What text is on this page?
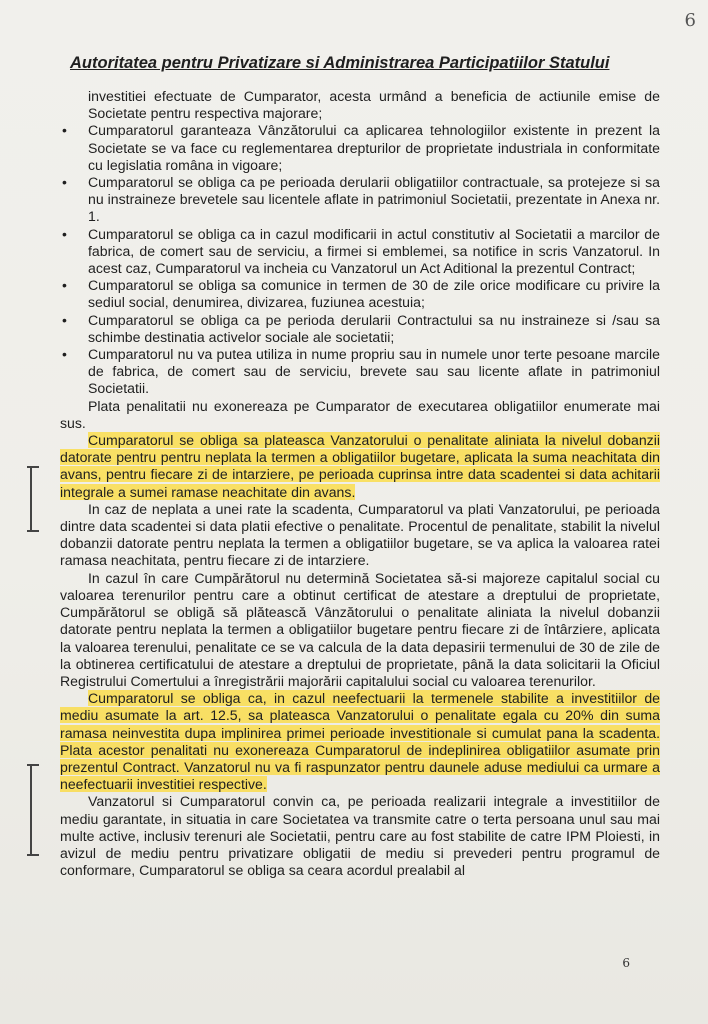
6
Autoritatea pentru Privatizare si Administrarea Participatiilor Statului

investitiei efectuate de Cumparator, acesta urmând a beneficia de actiunile emise de Societate pentru respectiva majorare;

• Cumparatorul garanteaza Vânzătorului ca aplicarea tehnologiilor existente in prezent la Societate se va face cu reglementarea drepturilor de proprietate industriala in conformitate cu legislatia româna in vigoare;
• Cumparatorul se obliga ca pe perioada derularii obligatiilor contractuale, sa protejeze si sa nu instraineze brevetele sau licentele aflate in patrimoniul Societatii, prezentate in Anexa nr. 1.
• Cumparatorul se obliga ca in cazul modificarii in actul constitutiv al Societatii a marcilor de fabrica, de comert sau de serviciu, a firmei si emblemei, sa notifice in scris Vanzatorul. In acest caz, Cumparatorul va incheia cu Vanzatorul un Act Aditional la prezentul Contract;
• Cumparatorul se obliga sa comunice in termen de 30 de zile orice modificare cu privire la sediul social, denumirea, divizarea, fuziunea acestuia;
• Cumparatorul se obliga ca pe perioda derularii Contractului sa nu instraineze si /sau sa schimbe destinatia activelor sociale ale societatii;
• Cumparatorul nu va putea utiliza in nume propriu sau in numele unor terte pesoane marcile de fabrica, de comert sau de serviciu, brevete sau sau licente aflate in patrimoniul Societatii.

Plata penalitatii nu exonereaza pe Cumparator de executarea obligatiilor enumerate mai sus.

Cumparatorul se obliga sa plateasca Vanzatorului o penalitate aliniata la nivelul dobanzii datorate pentru pentru neplata la termen a obligatiilor bugetare, aplicata la suma neachitata din avans, pentru fiecare zi de intarziere, pe perioada cuprinsa intre data scadentei si data achitarii integrale a sumei ramase neachitate din avans.

In caz de neplata a unei rate la scadenta, Cumparatorul va plati Vanzatorului, pe perioada dintre data scadentei si data platii efective o penalitate. Procentul de penalitate, stabilit la nivelul dobanzii datorate pentru neplata la termen a obligatiilor bugetare, se va aplica la valoarea ratei ramasa neachitata, pentru fiecare zi de intarziere.

In cazul în care Cumpărătorul nu determină Societatea să-si majoreze capitalul social cu valoarea terenurilor pentru care a obtinut certificat de atestare a dreptului de proprietate, Cumpărătorul se obligă să plătească Vânzătorului o penalitate aliniata la nivelul dobanzii datorate pentru neplata la termen a obligatiilor bugetare pentru fiecare zi de întârziere, aplicata la valoarea terenului, penalitate ce se va calcula de la data depasirii termenului de 30 de zile de la obtinerea certificatului de atestare a dreptului de proprietate, până la data solicitarii la Oficiul Registrului Comertului a înregistrării majorării capitalului social cu valoarea terenurilor.

Cumparatorul se obliga ca, in cazul neefectuarii la termenele stabilite a investitiilor de mediu asumate la art. 12.5, sa plateasca Vanzatorului o penalitate egala cu 20% din suma ramasa neinvestita dupa implinirea primei perioade investitionale si cumulat pana la scadenta. Plata acestor penalitati nu exonereaza Cumparatorul de indeplinirea obligatiilor asumate prin prezentul Contract. Vanzatorul nu va fi raspunzator pentru daunele aduse mediului ca urmare a neefectuarii investitiei respective.

Vanzatorul si Cumparatorul convin ca, pe perioada realizarii integrale a investitiilor de mediu garantate, in situatia in care Societatea va transmite catre o terta persoana unul sau mai multe active, inclusiv terenuri ale Societatii, pentru care au fost stabilite de catre IPM Ploiesti, in avizul de mediu pentru privatizare obligatii de mediu si prevederi pentru programul de conformare, Cumparatorul se obliga sa ceara acordul prealabil al

6
